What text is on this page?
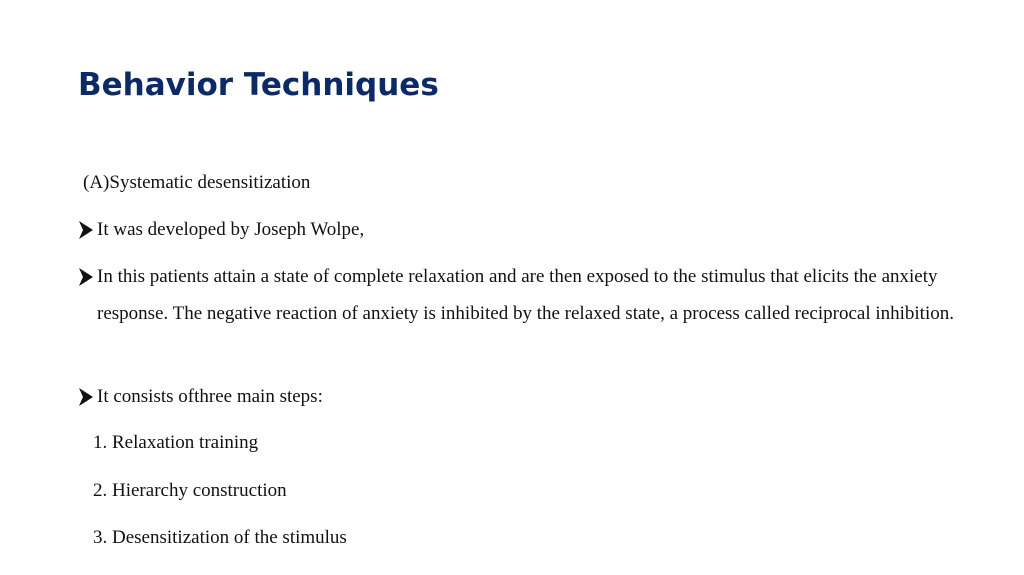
Behavior Techniques
(A)Systematic desensitization
It was developed by Joseph Wolpe,
In this patients attain a state of complete relaxation and are then exposed to the stimulus that elicits the anxiety response. The negative reaction of anxiety is inhibited by the relaxed state, a process called reciprocal inhibition.
It consists ofthree main steps:
1. Relaxation training
2. Hierarchy construction
3. Desensitization of the stimulus
